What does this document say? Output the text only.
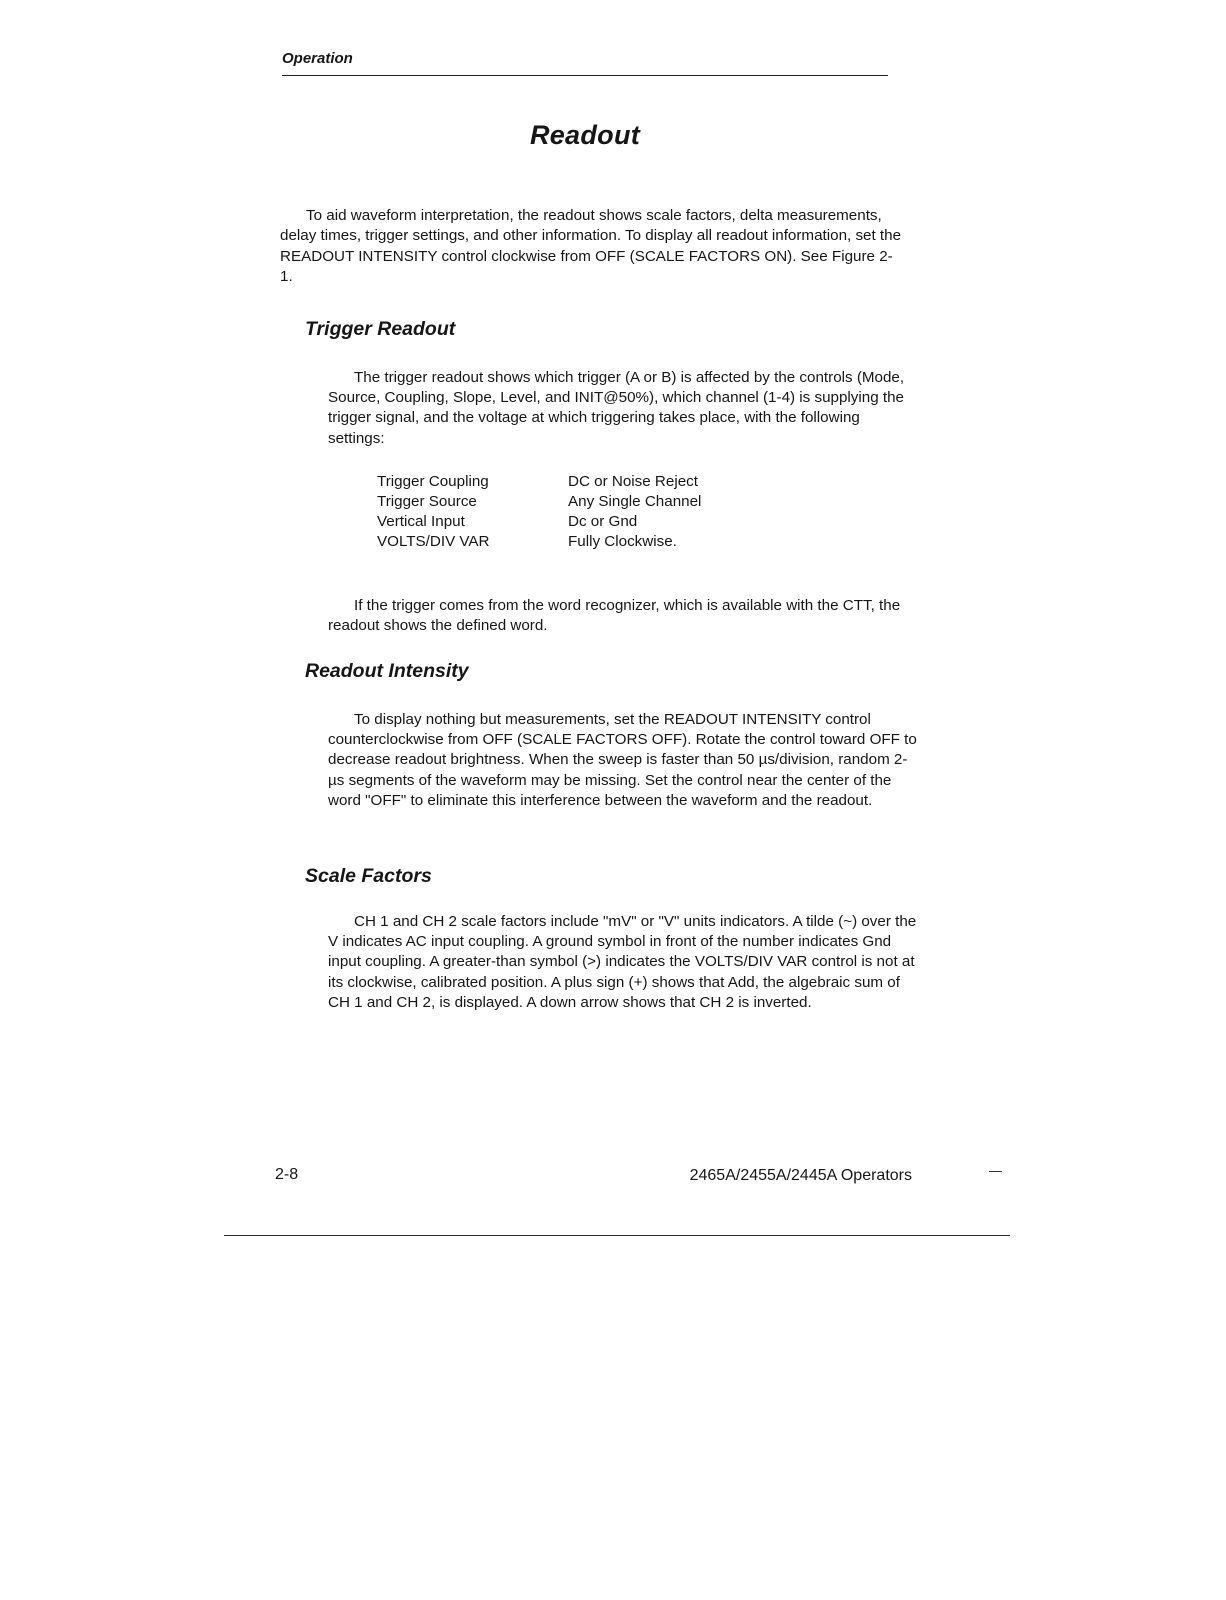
Operation
Readout

To aid waveform interpretation, the readout shows scale factors, delta measurements, delay times, trigger settings, and other information. To display all readout information, set the READOUT INTENSITY control clockwise from OFF (SCALE FACTORS ON). See Figure 2-1.

Trigger Readout

The trigger readout shows which trigger (A or B) is affected by the controls (Mode, Source, Coupling, Slope, Level, and INIT@50%), which channel (1-4) is supplying the trigger signal, and the voltage at which triggering takes place, with the following settings:

Trigger Coupling	DC or Noise Reject
Trigger Source	Any Single Channel
Vertical Input	Dc or Gnd
VOLTS/DIV VAR	Fully Clockwise.

If the trigger comes from the word recognizer, which is available with the CTT, the readout shows the defined word.

Readout Intensity

To display nothing but measurements, set the READOUT INTENSITY control counterclockwise from OFF (SCALE FACTORS OFF). Rotate the control toward OFF to decrease readout brightness. When the sweep is faster than 50 µs/division, random 2-µs segments of the waveform may be missing. Set the control near the center of the word "OFF" to eliminate this interference between the waveform and the readout.

Scale Factors

CH 1 and CH 2 scale factors include "mV" or "V" units indicators. A tilde (~) over the V indicates AC input coupling. A ground symbol in front of the number indicates Gnd input coupling. A greater-than symbol (>) indicates the VOLTS/DIV VAR control is not at its clockwise, calibrated position. A plus sign (+) shows that Add, the algebraic sum of CH 1 and CH 2, is displayed. A down arrow shows that CH 2 is inverted.

2-8	2465A/2455A/2445A Operators
